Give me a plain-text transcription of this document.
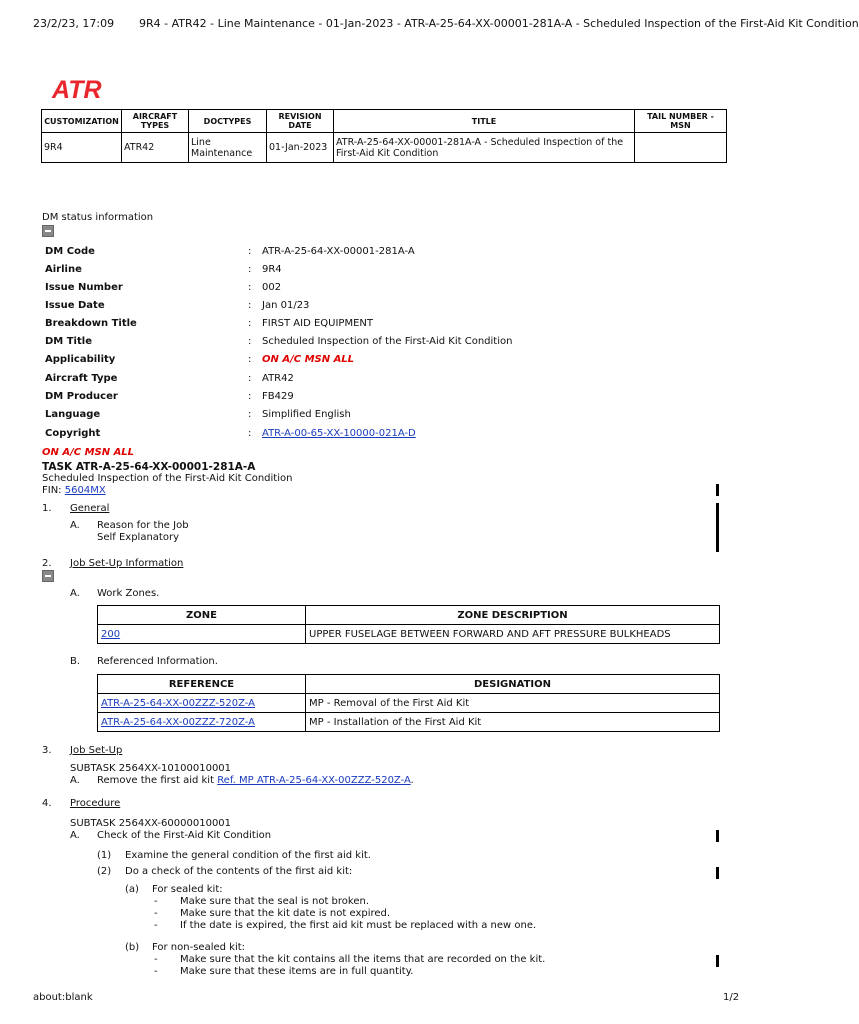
23/2/23, 17:09 9R4 - ATR42 - Line Maintenance - 01-Jan-2023 - ATR-A-25-64-XX-00001-281A-A - Scheduled Inspection of the First-Aid Kit Condition
ATR
CUSTOMIZATION	AIRCRAFT TYPES	DOCTYPES	REVISION DATE	TITLE	TAIL NUMBER - MSN
9R4	ATR42	Line Maintenance	01-Jan-2023	ATR-A-25-64-XX-00001-281A-A - Scheduled Inspection of the First-Aid Kit Condition	
DM status information
DM Code	: ATR-A-25-64-XX-00001-281A-A
Airline	: 9R4
Issue Number	: 002
Issue Date	: Jan 01/23
Breakdown Title	: FIRST AID EQUIPMENT
DM Title	: Scheduled Inspection of the First-Aid Kit Condition
Applicability	: ON A/C MSN ALL
Aircraft Type	: ATR42
DM Producer	: FB429
Language	: Simplified English
Copyright	: ATR-A-00-65-XX-10000-021A-D
ON A/C MSN ALL
TASK ATR-A-25-64-XX-00001-281A-A
Scheduled Inspection of the First-Aid Kit Condition
FIN: 5604MX
1. General
A. Reason for the Job
Self Explanatory
2. Job Set-Up Information
A. Work Zones.
ZONE	ZONE DESCRIPTION
200	UPPER FUSELAGE BETWEEN FORWARD AND AFT PRESSURE BULKHEADS
B. Referenced Information.
REFERENCE	DESIGNATION
ATR-A-25-64-XX-00ZZZ-520Z-A	MP - Removal of the First Aid Kit
ATR-A-25-64-XX-00ZZZ-720Z-A	MP - Installation of the First Aid Kit
3. Job Set-Up
SUBTASK 2564XX-10100010001
A. Remove the first aid kit Ref. MP ATR-A-25-64-XX-00ZZZ-520Z-A.
4. Procedure
SUBTASK 2564XX-60000010001
A. Check of the First-Aid Kit Condition
(1) Examine the general condition of the first aid kit.
(2) Do a check of the contents of the first aid kit:
(a) For sealed kit:
- Make sure that the seal is not broken.
- Make sure that the kit date is not expired.
- If the date is expired, the first aid kit must be replaced with a new one.
(b) For non-sealed kit:
- Make sure that the kit contains all the items that are recorded on the kit.
- Make sure that these items are in full quantity.
about:blank	1/2
